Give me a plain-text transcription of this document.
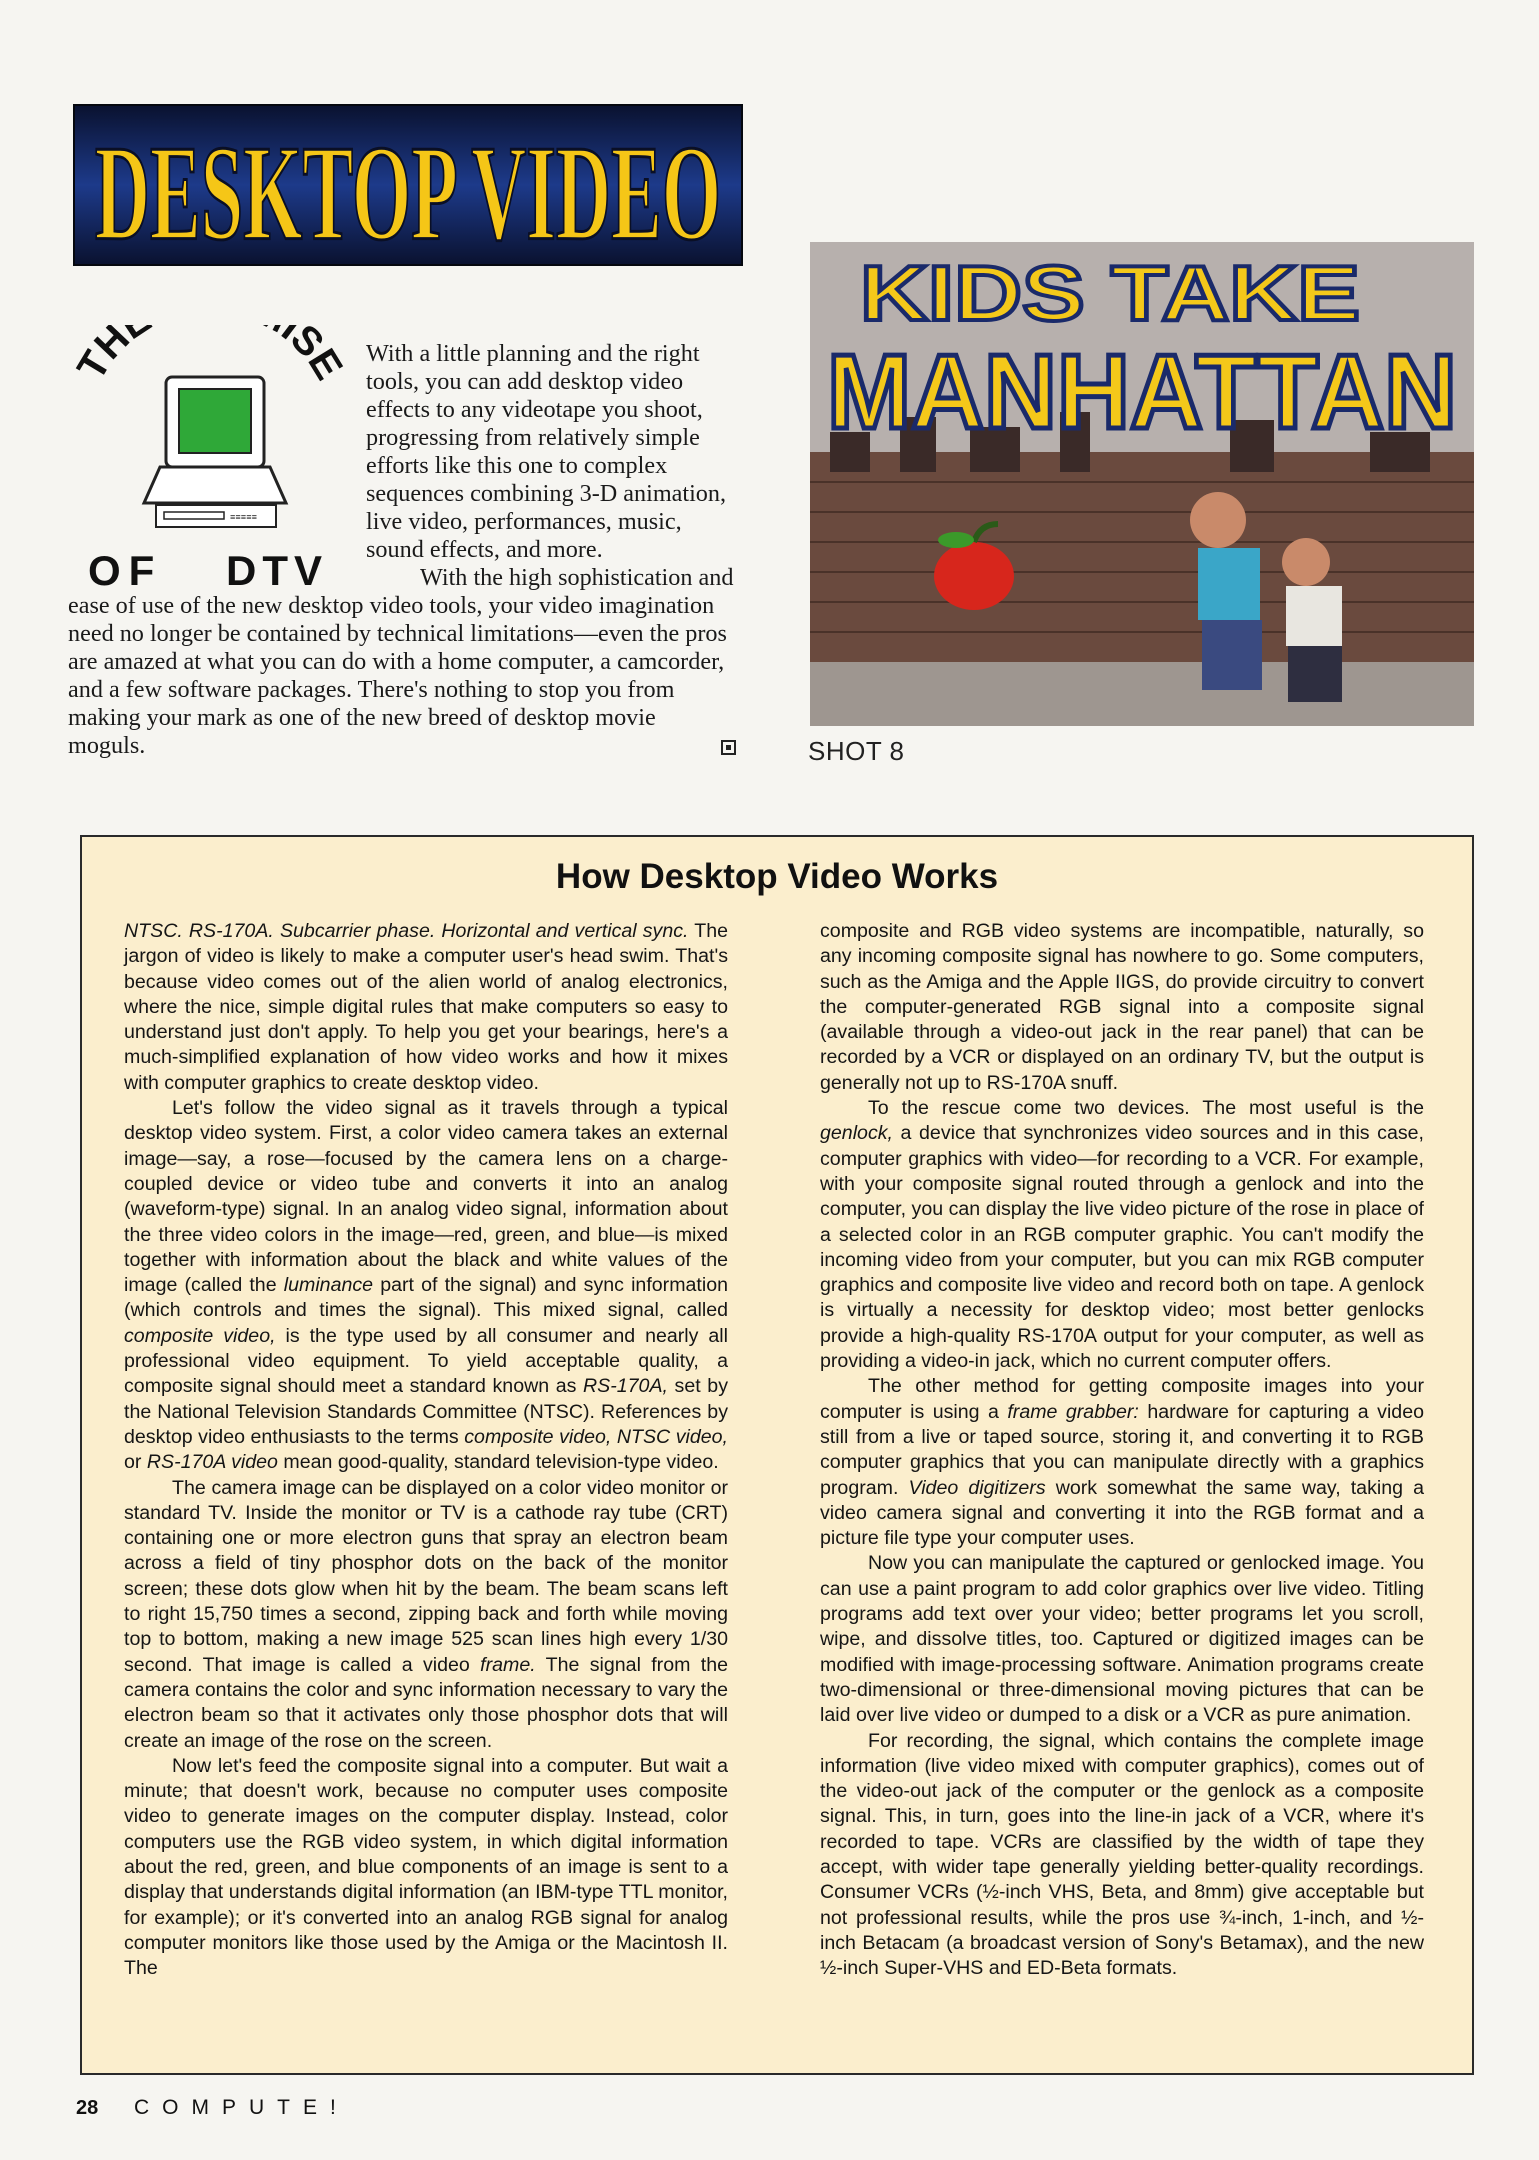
DESKTOP VIDEO
TH ISE
≡≡≡≡≡
OF DTV

With a little planning and the right tools, you can add desktop video effects to any videotape you shoot, progressing from relatively simple efforts like this one to complex sequences combining 3-D animation, live video, performances, music, sound effects, and more.

With the high sophistication and ease of use of the new desktop video tools, your video imagination need no longer be contained by technical limitations—even the pros are amazed at what you can do with a home computer, a camcorder, and a few software packages. There's nothing to stop you from making your mark as one of the new breed of desktop movie moguls.

KIDS TAKE
MANHATTAN
SHOT 8
How Desktop Video Works

NTSC. RS-170A. Subcarrier phase. Horizontal and vertical sync. The jargon of video is likely to make a computer user's head swim. That's because video comes out of the alien world of analog electronics, where the nice, simple digital rules that make computers so easy to understand just don't apply. To help you get your bearings, here's a much-simplified explanation of how video works and how it mixes with computer graphics to create desktop video.

Let's follow the video signal as it travels through a typical desktop video system. First, a color video camera takes an external image—say, a rose—focused by the camera lens on a charge-coupled device or video tube and converts it into an analog (waveform-type) signal. In an analog video signal, information about the three video colors in the image—red, green, and blue—is mixed together with information about the black and white values of the image (called the luminance part of the signal) and sync information (which controls and times the signal). This mixed signal, called composite video, is the type used by all consumer and nearly all professional video equipment. To yield acceptable quality, a composite signal should meet a standard known as RS-170A, set by the National Television Standards Committee (NTSC). References by desktop video enthusiasts to the terms composite video, NTSC video, or RS-170A video mean good-quality, standard television-type video.

The camera image can be displayed on a color video monitor or standard TV. Inside the monitor or TV is a cathode ray tube (CRT) containing one or more electron guns that spray an electron beam across a field of tiny phosphor dots on the back of the monitor screen; these dots glow when hit by the beam. The beam scans left to right 15,750 times a second, zipping back and forth while moving top to bottom, making a new image 525 scan lines high every 1/30 second. That image is called a video frame. The signal from the camera contains the color and sync information necessary to vary the electron beam so that it activates only those phosphor dots that will create an image of the rose on the screen.

Now let's feed the composite signal into a computer. But wait a minute; that doesn't work, because no computer uses composite video to generate images on the computer display. Instead, color computers use the RGB video system, in which digital information about the red, green, and blue components of an image is sent to a display that understands digital information (an IBM-type TTL monitor, for example); or it's converted into an analog RGB signal for analog computer monitors like those used by the Amiga or the Macintosh II. The

composite and RGB video systems are incompatible, naturally, so any incoming composite signal has nowhere to go. Some computers, such as the Amiga and the Apple IIGS, do provide circuitry to convert the computer-generated RGB signal into a composite signal (available through a video-out jack in the rear panel) that can be recorded by a VCR or displayed on an ordinary TV, but the output is generally not up to RS-170A snuff.

To the rescue come two devices. The most useful is the genlock, a device that synchronizes video sources and in this case, computer graphics with video—for recording to a VCR. For example, with your composite signal routed through a genlock and into the computer, you can display the live video picture of the rose in place of a selected color in an RGB computer graphic. You can't modify the incoming video from your computer, but you can mix RGB computer graphics and composite live video and record both on tape. A genlock is virtually a necessity for desktop video; most better genlocks provide a high-quality RS-170A output for your computer, as well as providing a video-in jack, which no current computer offers.

The other method for getting composite images into your computer is using a frame grabber: hardware for capturing a video still from a live or taped source, storing it, and converting it to RGB computer graphics that you can manipulate directly with a graphics program. Video digitizers work somewhat the same way, taking a video camera signal and converting it into the RGB format and a picture file type your computer uses.

Now you can manipulate the captured or genlocked image. You can use a paint program to add color graphics over live video. Titling programs add text over your video; better programs let you scroll, wipe, and dissolve titles, too. Captured or digitized images can be modified with image-processing software. Animation programs create two-dimensional or three-dimensional moving pictures that can be laid over live video or dumped to a disk or a VCR as pure animation.

For recording, the signal, which contains the complete image information (live video mixed with computer graphics), comes out of the video-out jack of the computer or the genlock as a composite signal. This, in turn, goes into the line-in jack of a VCR, where it's recorded to tape. VCRs are classified by the width of tape they accept, with wider tape generally yielding better-quality recordings. Consumer VCRs (½-inch VHS, Beta, and 8mm) give acceptable but not professional results, while the pros use ¾-inch, 1-inch, and ½-inch Betacam (a broadcast version of Sony's Betamax), and the new ½-inch Super-VHS and ED-Beta formats.

28 COMPUTE!
